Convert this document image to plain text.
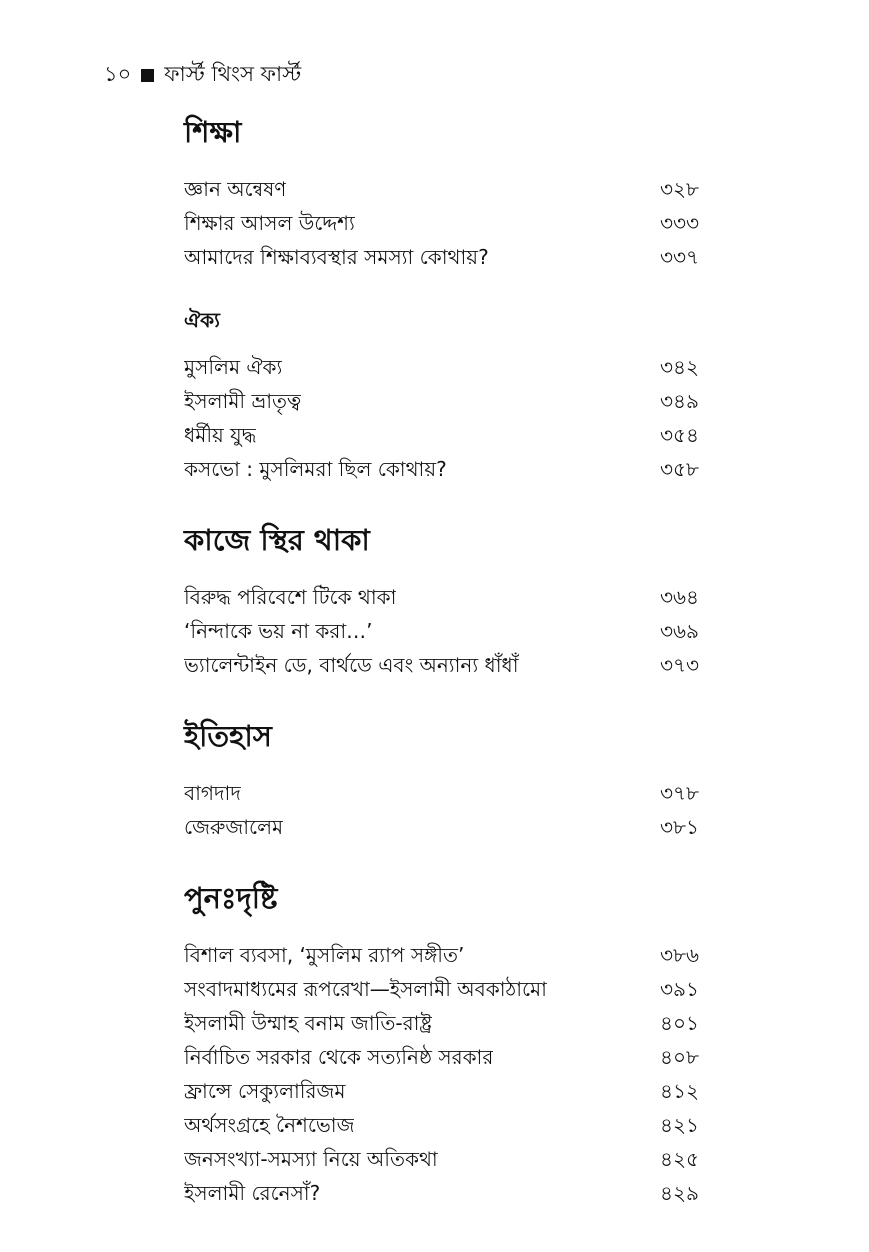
১০ ফার্স্ট থিংস ফার্স্ট
শিক্ষা
জ্ঞান অন্বেষণ	৩২৮
শিক্ষার আসল উদ্দেশ্য	৩৩৩
আমাদের শিক্ষাব্যবস্থার সমস্যা কোথায়?	৩৩৭
ঐক্য
মুসলিম ঐক্য	৩৪২
ইসলামী ভ্রাতৃত্ব	৩৪৯
ধর্মীয় যুদ্ধ	৩৫৪
কসভো : মুসলিমরা ছিল কোথায়?	৩৫৮
কাজে স্থির থাকা
বিরুদ্ধ পরিবেশে টিকে থাকা	৩৬৪
‘নিন্দাকে ভয় না করা…’	৩৬৯
ভ্যালেন্টাইন ডে, বার্থডে এবং অন্যান্য ধাঁধাঁ	৩৭৩
ইতিহাস
বাগদাদ	৩৭৮
জেরুজালেম	৩৮১
পুনঃদৃষ্টি
বিশাল ব্যবসা, ‘মুসলিম র‍্যাপ সঙ্গীত’	৩৮৬
সংবাদমাধ্যমের রূপরেখা—ইসলামী অবকাঠামো	৩৯১
ইসলামী উম্মাহ বনাম জাতি-রাষ্ট্র	৪০১
নির্বাচিত সরকার থেকে সত্যনিষ্ঠ সরকার	৪০৮
ফ্রান্সে সেক্যুলারিজম	৪১২
অর্থসংগ্রহে নৈশভোজ	৪২১
জনসংখ্যা-সমস্যা নিয়ে অতিকথা	৪২৫
ইসলামী রেনেসাঁ?	৪২৯
